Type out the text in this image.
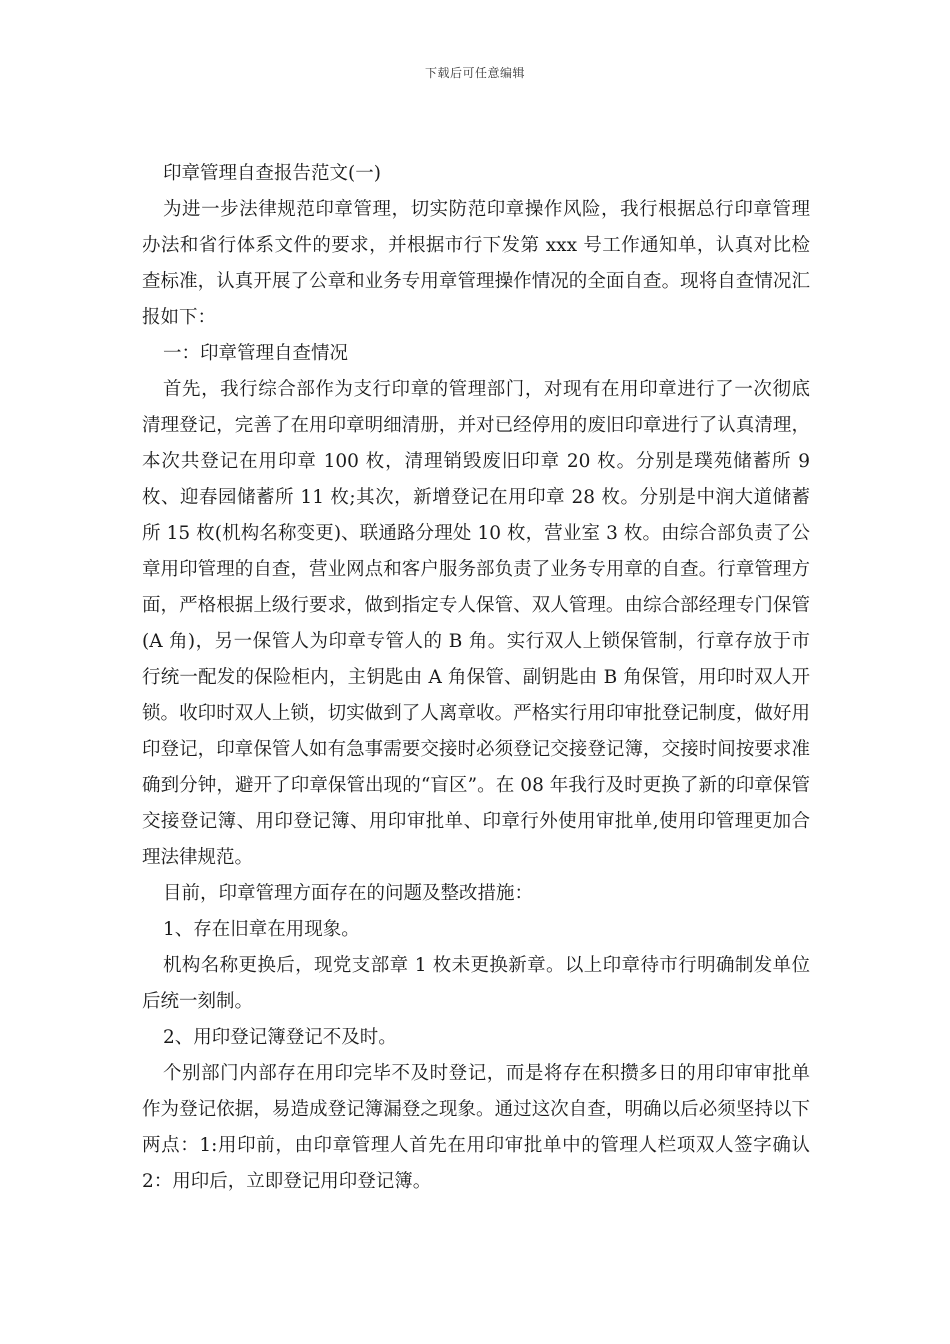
下载后可任意编辑

印章管理自查报告范文(一)

为进一步法律规范印章管理，切实防范印章操作风险，我行根据总行印章管理办法和省行体系文件的要求，并根据市行下发第 xxx 号工作通知单，认真对比检查标准，认真开展了公章和业务专用章管理操作情况的全面自查。现将自查情况汇报如下：

一：印章管理自查情况

首先，我行综合部作为支行印章的管理部门，对现有在用印章进行了一次彻底清理登记，完善了在用印章明细清册，并对已经停用的废旧印章进行了认真清理，本次共登记在用印章 100 枚，清理销毁废旧印章 20 枚。分别是璞苑储蓄所 9 枚、迎春园储蓄所 11 枚;其次，新增登记在用印章 28 枚。分别是中润大道储蓄所 15 枚(机构名称变更)、联通路分理处 10 枚，营业室 3 枚。由综合部负责了公章用印管理的自查，营业网点和客户服务部负责了业务专用章的自查。行章管理方面，严格根据上级行要求，做到指定专人保管、双人管理。由综合部经理专门保管(A 角)，另一保管人为印章专管人的 B 角。实行双人上锁保管制，行章存放于市行统一配发的保险柜内，主钥匙由 A 角保管、副钥匙由 B 角保管，用印时双人开锁。收印时双人上锁，切实做到了人离章收。严格实行用印审批登记制度，做好用印登记，印章保管人如有急事需要交接时必须登记交接登记簿，交接时间按要求准确到分钟，避开了印章保管出现的“盲区”。在 08 年我行及时更换了新的印章保管交接登记簿、用印登记簿、用印审批单、印章行外使用审批单,使用印管理更加合理法律规范。

目前，印章管理方面存在的问题及整改措施：

1、存在旧章在用现象。

机构名称更换后，现党支部章 1 枚未更换新章。以上印章待市行明确制发单位后统一刻制。

2、用印登记簿登记不及时。

个别部门内部存在用印完毕不及时登记，而是将存在积攒多日的用印审审批单作为登记依据，易造成登记簿漏登之现象。通过这次自查，明确以后必须坚持以下两点：1:用印前，由印章管理人首先在用印审批单中的管理人栏项双人签字确认 2：用印后，立即登记用印登记簿。
